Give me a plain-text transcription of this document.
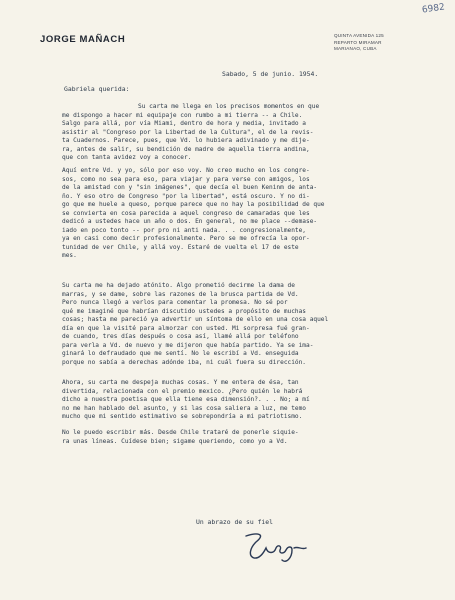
6982
JORGE MAÑACH	QUINTA AVENIDA 125
REPARTO MIRAMAR
MARIANAO, CUBA
Sabado, 5 de junio. 1954.
Gabriela querida:
Su carta me llega en los precisos momentos en que
me dispongo a hacer mi equipaje con rumbo a mi tierra -- a Chile.
Salgo para allá, por vía Miami, dentro de hora y media, invitado a
asistir al "Congreso por la Libertad de la Cultura", el de la revis-
ta Cuadernos. Parece, pues, que Vd. lo hubiera adivinado y me dije-
ra, antes de salir, su bendición de madre de aquella tierra andina,
que con tanta avidez voy a conocer.
Aquí entre Vd. y yo, sólo por eso voy. No creo mucho en los congre-
sos, como no sea para eso, para viajar y para verse con amigos, los
de la amistad con y "sin imágenes", que decía el buen Keninm de anta-
ño. Y eso otro de Congreso "por la libertad", está oscuro. Y no di-
go que me huele a queso, porque parece que no hay la posibilidad de que
se convierta en cosa parecida a aquel congreso de camaradas que les
dedicó a ustedes hace un año o dos. En general, no me place --demase-
iado en poco tonto -- por pro ni anti nada. . . congresionalmente,
ya en casi como decir profesionalmente. Pero se me ofrecía la opor-
tunidad de ver Chile, y allá voy. Estaré de vuelta el 17 de este
mes.
Su carta me ha dejado atónito. Algo prometió decirme la dama de
marras, y se dame, sobre las razones de la brusca partida de Vd.
Pero nunca llegó a verlos para comentar la promesa. No sé por
qué me imaginé que habrían discutido ustedes a propósito de muchas
cosas; hasta me pareció ya advertir un síntoma de ello en una cosa aquel
día en que la visité para almorzar con usted. Mi sorpresa fué gran-
de cuando, tres días después o cosa así, llamé allá por teléfono
para verla a Vd. de nuevo y me dijeron que había partido. Ya se ima-
ginará lo defraudado que me sentí. No le escribí a Vd. enseguida
porque no sabía a derechas adónde iba, ni cuál fuera su dirección.
Ahora, su carta me despeja muchas cosas. Y me entera de ésa, tan
divertida, relacionada con el premio mexico. ¿Pero quién le habrá
dicho a nuestra poetisa que ella tiene esa dimensión?. . . No; a mí
no me han hablado del asunto, y si las cosa saliera a luz, me temo
mucho que mi sentido estimativo se sobrepondría a mi patriotismo.
No le puedo escribir más. Desde Chile trataré de ponerle siquie-
ra unas líneas. Cuídese bien; sigame queriendo, como yo a Vd.
Un abrazo de su fiel
